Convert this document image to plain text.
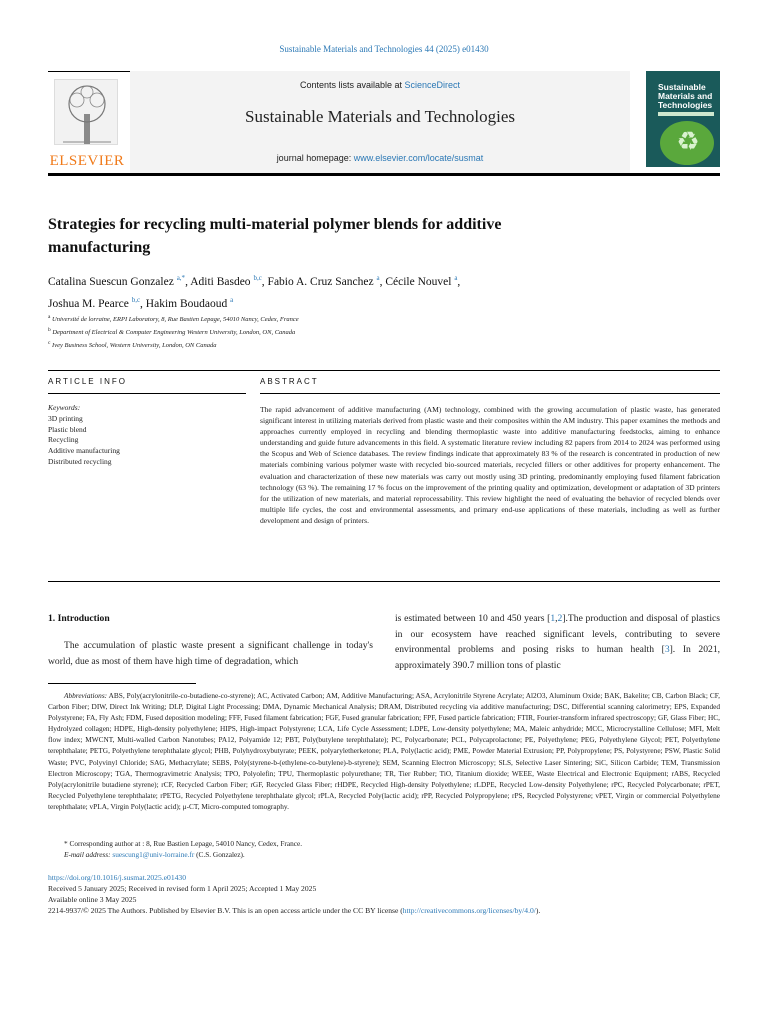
Sustainable Materials and Technologies 44 (2025) e01430
ELSEVIER
Contents lists available at ScienceDirect
Sustainable Materials and Technologies
journal homepage: www.elsevier.com/locate/susmat
Sustainable Materials and Technologies
♻
Strategies for recycling multi-material polymer blends for additive manufacturing
Catalina Suescun Gonzalez $^{a,*}$, Aditi Basdeo $^{b,c}$, Fabio A. Cruz Sanchez $^a$, Cécile Nouvel $^a$,
Joshua M. Pearce $^{b,c}$, Hakim Boudaoud $^a$
$^a$ Université de lorraine, ERPI Laboratory, 8, Rue Bastien Lepage, 54010 Nancy, Cedex, France
$^b$ Department of Electrical & Computer Engineering Western University, London, ON, Canada
$^c$ Ivey Business School, Western University, London, ON Canada
ARTICLE INFO	ABSTRACT
Keywords:
3D printing
Plastic blend
Recycling
Additive manufacturing
Distributed recycling
The rapid advancement of additive manufacturing (AM) technology, combined with the growing accumulation of plastic waste, has generated significant interest in utilizing materials derived from plastic waste and their composites within the AM industry. This paper examines the methods and approaches currently employed in recycling and blending thermoplastic waste into additive manufacturing feedstocks, aiming to enhance understanding and guide future advancements in this field. A systematic literature review including 82 papers from 2014 to 2024 was performed using the Scopus and Web of Science databases. The review findings indicate that approximately 83 % of the research is concentrated in production of new materials combining various polymer waste with recycled bio-sourced materials, recycled fillers or other additives for property enhancement. The evaluation and characterization of these new materials was carry out mostly using 3D printing, predominantly employing fused filament fabrication technology (63 %). The remaining 17 % focus on the improvement of the printing quality and optimization, development or adaptation of 3D printers for the utilization of new materials, and material reprocessability. This review highlight the need of evaluating the behavior of recycled blends over multiple life cycles, the cost and environmental assessments, and primary end-use applications of these materials, including as well as further development and design of printers.
1. Introduction
The accumulation of plastic waste present a significant challenge in today's world, due as most of them have high time of degradation, which
is estimated between 10 and 450 years [1,2].The production and disposal of plastics in our ecosystem have reached significant levels, contributing to severe environmental problems and posing risks to human health [3]. In 2021, approximately 390.7 million tons of plastic
Abbreviations: ABS, Poly(acrylonitrile-co-butadiene-co-styrene); AC, Activated Carbon; AM, Additive Manufacturing; ASA, Acrylonitrile Styrene Acrylate; Al2O3, Aluminum Oxide; BAK, Bakelite; CB, Carbon Black; CF, Carbon Fiber; DIW, Direct Ink Writing; DLP, Digital Light Processing; DMA, Dynamic Mechanical Analysis; DRAM, Distributed recycling via additive manufacturing; DSC, Differential scanning calorimetry; EPS, Expanded Polystyrene; FA, Fly Ash; FDM, Fused deposition modeling; FFF, Fused filament fabrication; FGF, Fused granular fabrication; FPF, Fused particle fabrication; FTIR, Fourier-transform infrared spectroscopy; GF, Glass Fiber; HC, Hydrolyzed collagen; HDPE, High-density polyethylene; HIPS, High-impact Polystyrene; LCA, Life Cycle Assessment; LDPE, Low-density polyethylene; MA, Maleic anhydride; MCC, Microcrystalline Cellulose; MFI, Melt flow index; MWCNT, Multi-walled Carbon Nanotubes; PA12, Polyamide 12; PBT, Poly(butylene terephthalate); PC, Polycarbonate; PCL, Polycaprolactone; PE, Polyethylene; PEG, Polyethylene Glycol; PET, Polyethylene terephthalate; PETG, Polyethylene terephthalate glycol; PHB, Polyhydroxybutyrate; PEEK, polyaryletherketone; PLA, Poly(lactic acid); PME, Powder Material Extrusion; PP, Polypropylene; PS, Polystyrene; PSW, Plastic Solid Waste; PVC, Polyvinyl Chloride; SAG, Methacrylate; SEBS, Poly(styrene-b-(ethylene-co-butylene)-b-styrene); SEM, Scanning Electron Microscopy; SLS, Selective Laser Sintering; SiC, Silicon Carbide; TEM, Transmission Electron Microscopy; TGA, Thermogravimetric Analysis; TPO, Polyolefin; TPU, Thermoplastic polyurethane; TR, Tier Rubber; TiO, Titanium dioxide; WEEE, Waste Electrical and Electronic Equipment; rABS, Recycled Poly(acrylonitrile butadiene styrene); rCF, Recycled Carbon Fiber; rGF, Recycled Glass Fiber; rHDPE, Recycled High-density Polyethylene; rLDPE, Recycled Low-density Polyethylene; rPC, Recycled Polycarbonate; rPET, Recycled Polyethylene terephthalate; rPETG, Recycled Polyethylene terephthalate glycol; rPLA, Recycled Poly(lactic acid); rPP, Recycled Polypropylene; rPS, Recycled Polystyrene; vPET, Virgin or commercial Polyethylene terephthalate; vPLA, Virgin Poly(lactic acid); μ-CT, Micro-computed tomography.
* Corresponding author at : 8, Rue Bastien Lepage, 54010 Nancy, Cedex, France.
E-mail address: suescung1@univ-lorraine.fr (C.S. Gonzalez).
https://doi.org/10.1016/j.susmat.2025.e01430
Received 5 January 2025; Received in revised form 1 April 2025; Accepted 1 May 2025
Available online 3 May 2025
2214-9937/© 2025 The Authors. Published by Elsevier B.V. This is an open access article under the CC BY license (http://creativecommons.org/licenses/by/4.0/).
